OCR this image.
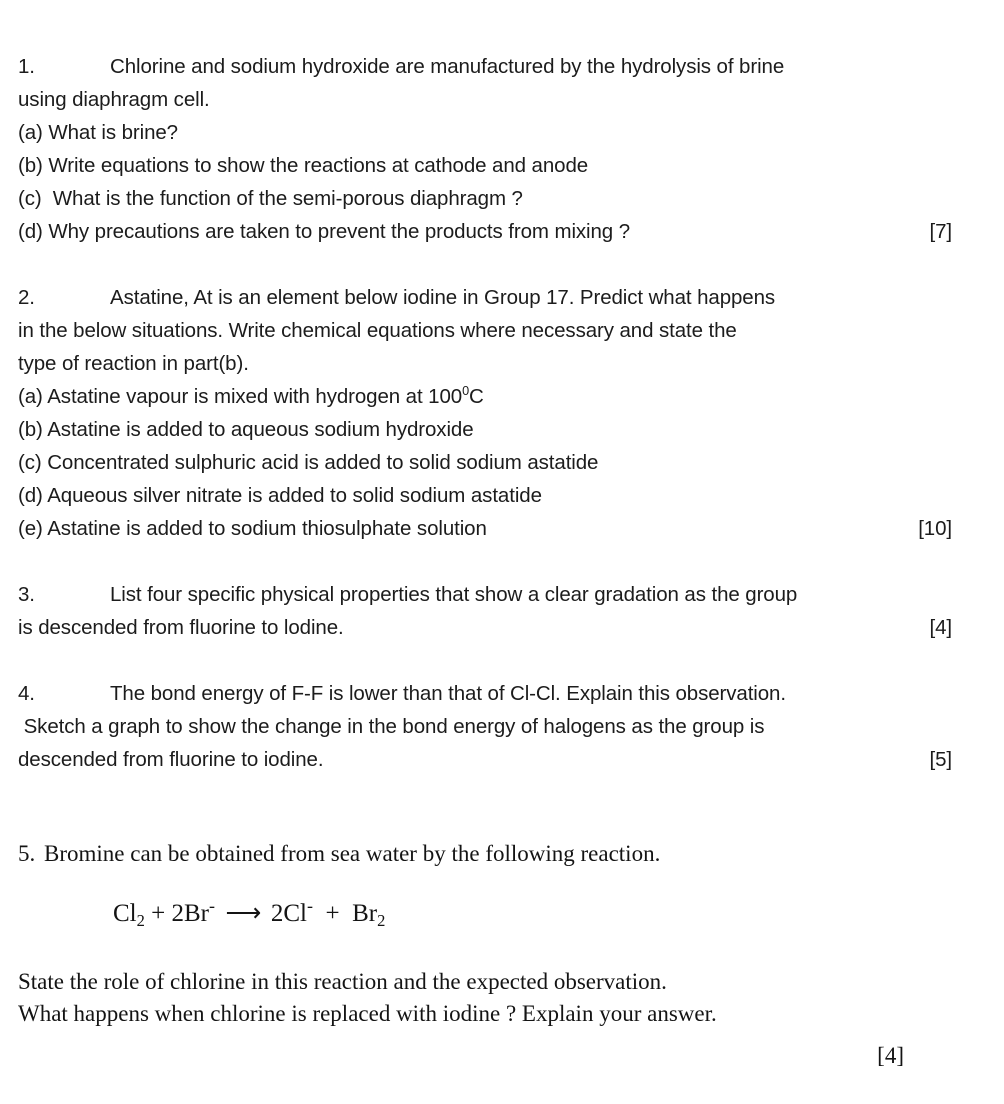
1.	Chlorine and sodium hydroxide are manufactured by the hydrolysis of brine
using diaphragm cell.
(a) What is brine?
(b) Write equations to show the reactions at cathode and anode
(c)  What is the function of the semi-porous diaphragm ?
(d) Why precautions are taken to prevent the products from mixing ?	[7]
2.	Astatine, At is an element below iodine in Group 17. Predict what happens
in the below situations. Write chemical equations where necessary and state the
type of reaction in part(b).
(a) Astatine vapour is mixed with hydrogen at $100^0C$
(b) Astatine is added to aqueous sodium hydroxide
(c) Concentrated sulphuric acid is added to solid sodium astatide
(d) Aqueous silver nitrate is added to solid sodium astatide
(e) Astatine is added to sodium thiosulphate solution	[10]
3.	List four specific physical properties that show a clear gradation as the group
is descended from fluorine to lodine.	[4]
4.	The bond energy of F-F is lower than that of Cl-Cl. Explain this observation.
Sketch a graph to show the change in the bond energy of halogens as the group is
descended from fluorine to iodine.	[5]
5. Bromine can be obtained from sea water by the following reaction.
$Cl_2 + 2Br^-$ ⟶ $2Cl^- + Br_2$
State the role of chlorine in this reaction and the expected observation.
What happens when chlorine is replaced with iodine ? Explain your answer.
[4]
